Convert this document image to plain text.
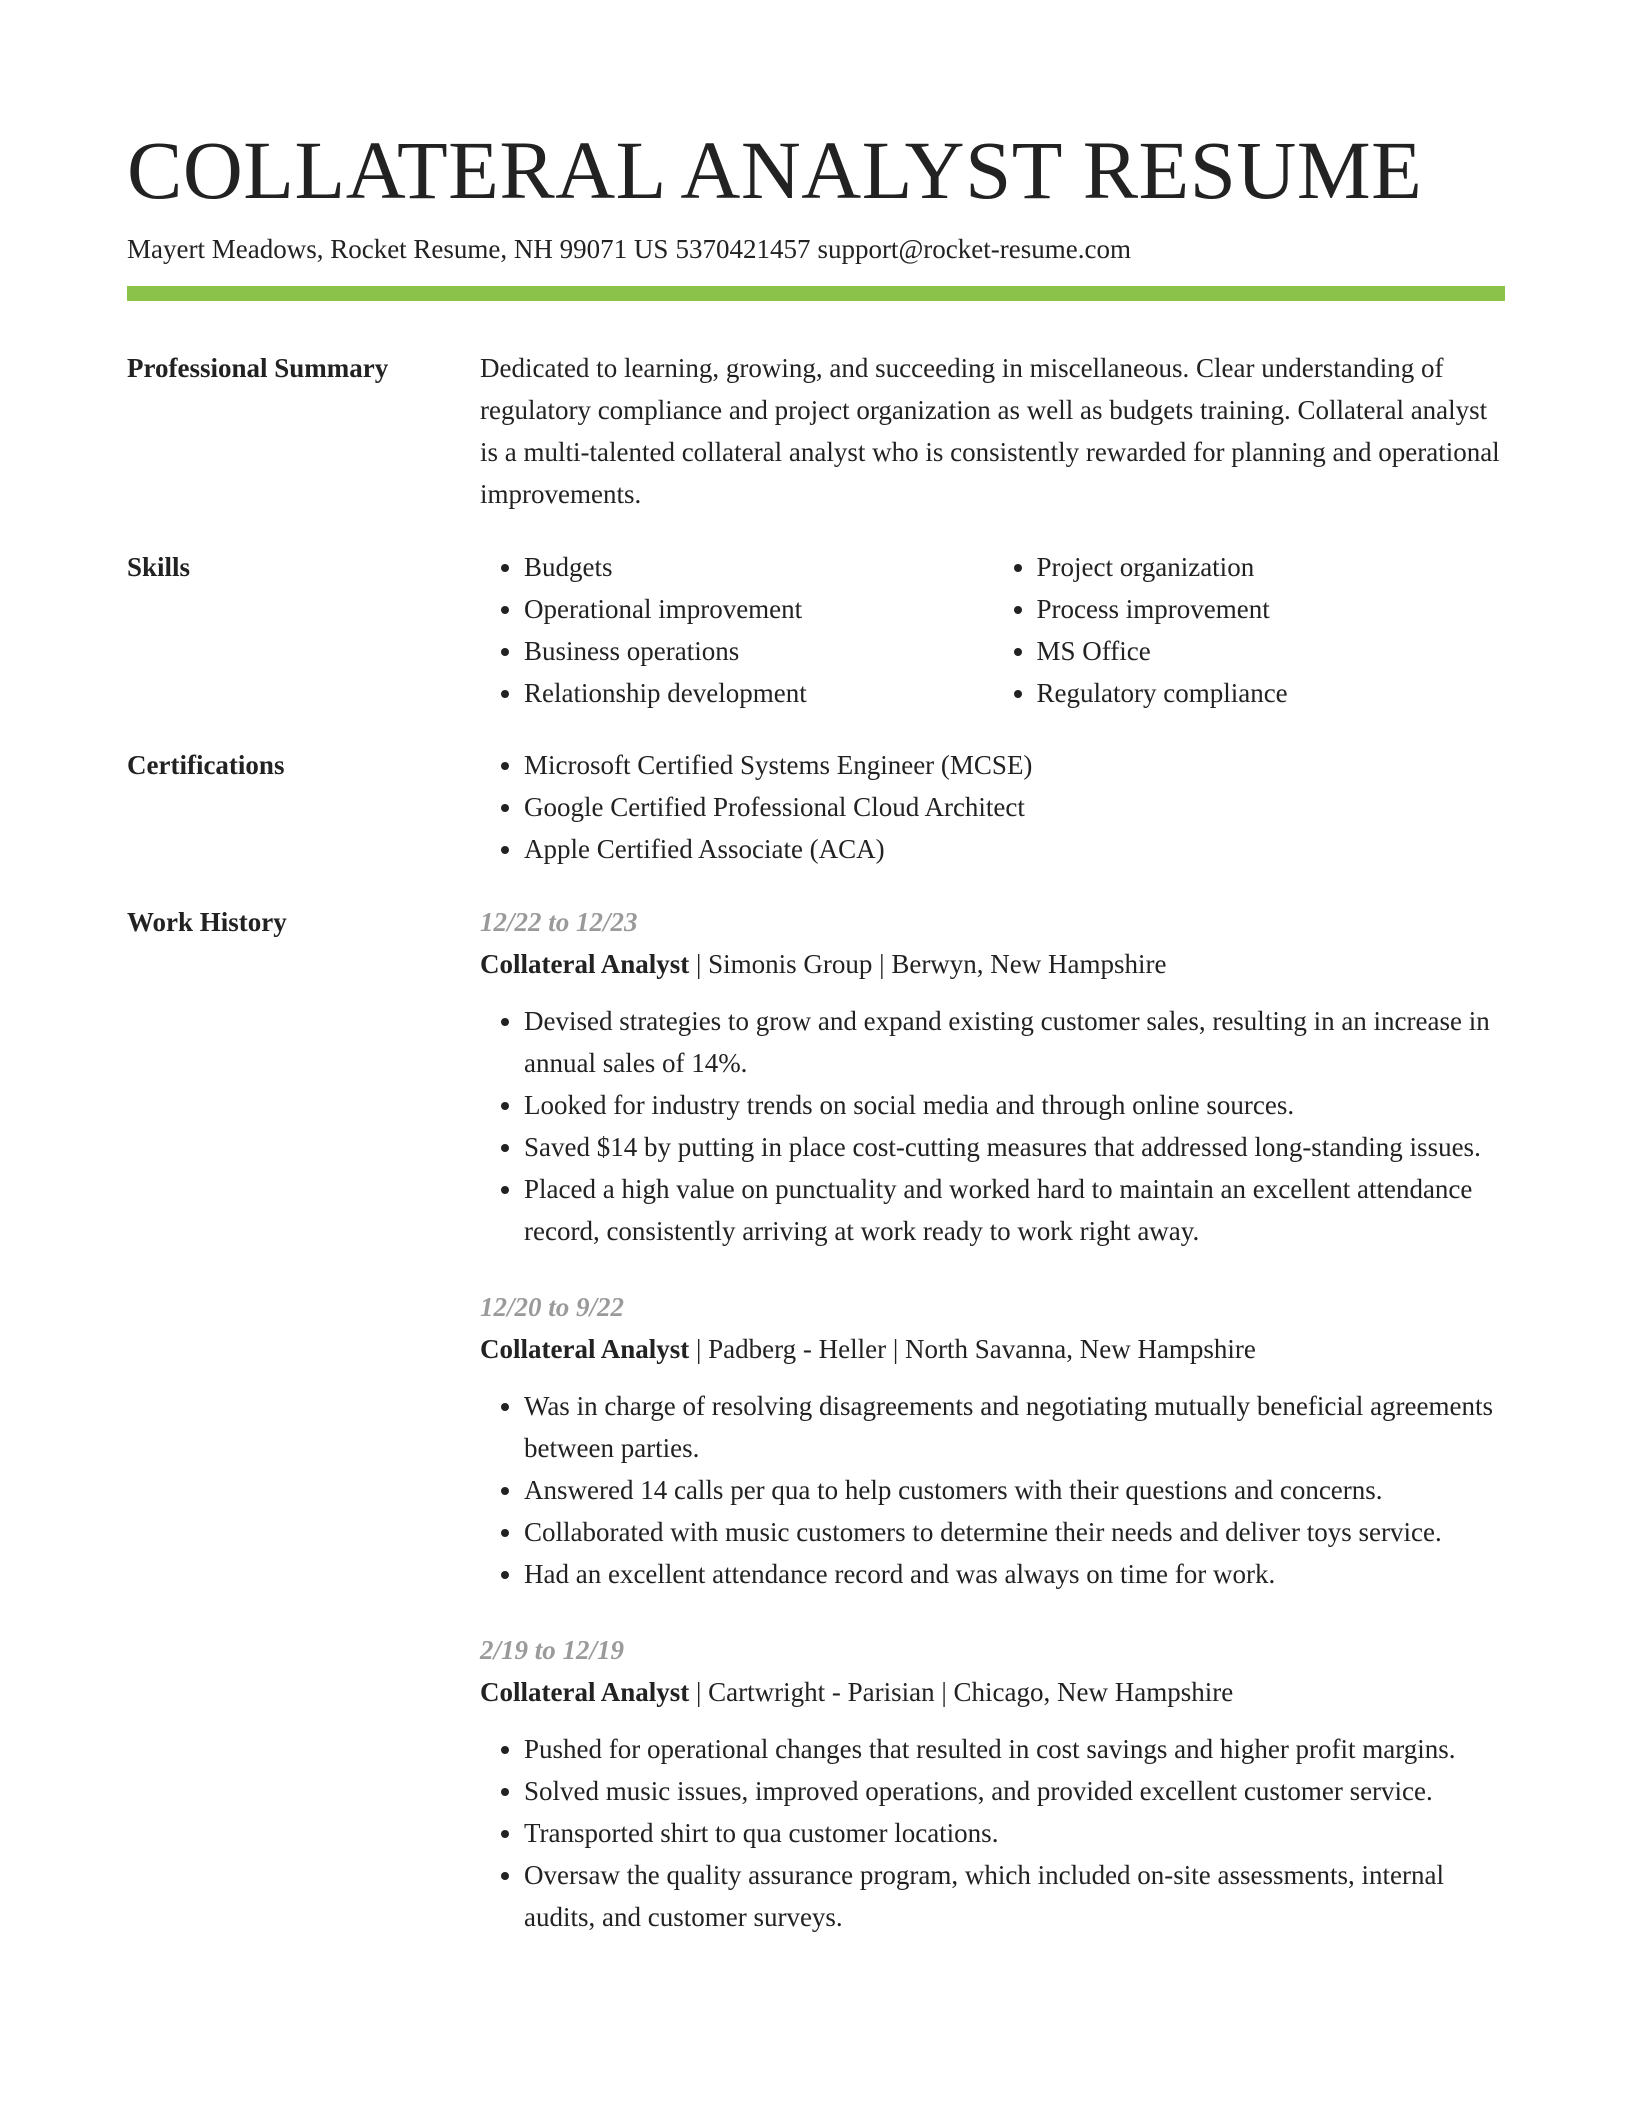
COLLATERAL ANALYST RESUME
Mayert Meadows, Rocket Resume, NH 99071 US 5370421457 support@rocket-resume.com
Professional Summary	Dedicated to learning, growing, and succeeding in miscellaneous. Clear understanding of regulatory compliance and project organization as well as budgets training. Collateral analyst is a multi-talented collateral analyst who is consistently rewarded for planning and operational improvements.

Skills	• Budgets
• Operational improvement
• Business operations
• Relationship development
• Project organization
• Process improvement
• MS Office
• Regulatory compliance
Certifications	• Microsoft Certified Systems Engineer (MCSE)
• Google Certified Professional Cloud Architect
• Apple Certified Associate (ACA)
Work History	12/22 to 12/23
Collateral Analyst | Simonis Group | Berwyn, New Hampshire
• Devised strategies to grow and expand existing customer sales, resulting in an increase in annual sales of 14%.
• Looked for industry trends on social media and through online sources.
• Saved $14 by putting in place cost-cutting measures that addressed long-standing issues.
• Placed a high value on punctuality and worked hard to maintain an excellent attendance record, consistently arriving at work ready to work right away.
12/20 to 9/22
Collateral Analyst | Padberg - Heller | North Savanna, New Hampshire
• Was in charge of resolving disagreements and negotiating mutually beneficial agreements between parties.
• Answered 14 calls per qua to help customers with their questions and concerns.
• Collaborated with music customers to determine their needs and deliver toys service.
• Had an excellent attendance record and was always on time for work.
2/19 to 12/19
Collateral Analyst | Cartwright - Parisian | Chicago, New Hampshire
• Pushed for operational changes that resulted in cost savings and higher profit margins.
• Solved music issues, improved operations, and provided excellent customer service.
• Transported shirt to qua customer locations.
• Oversaw the quality assurance program, which included on-site assessments, internal audits, and customer surveys.
